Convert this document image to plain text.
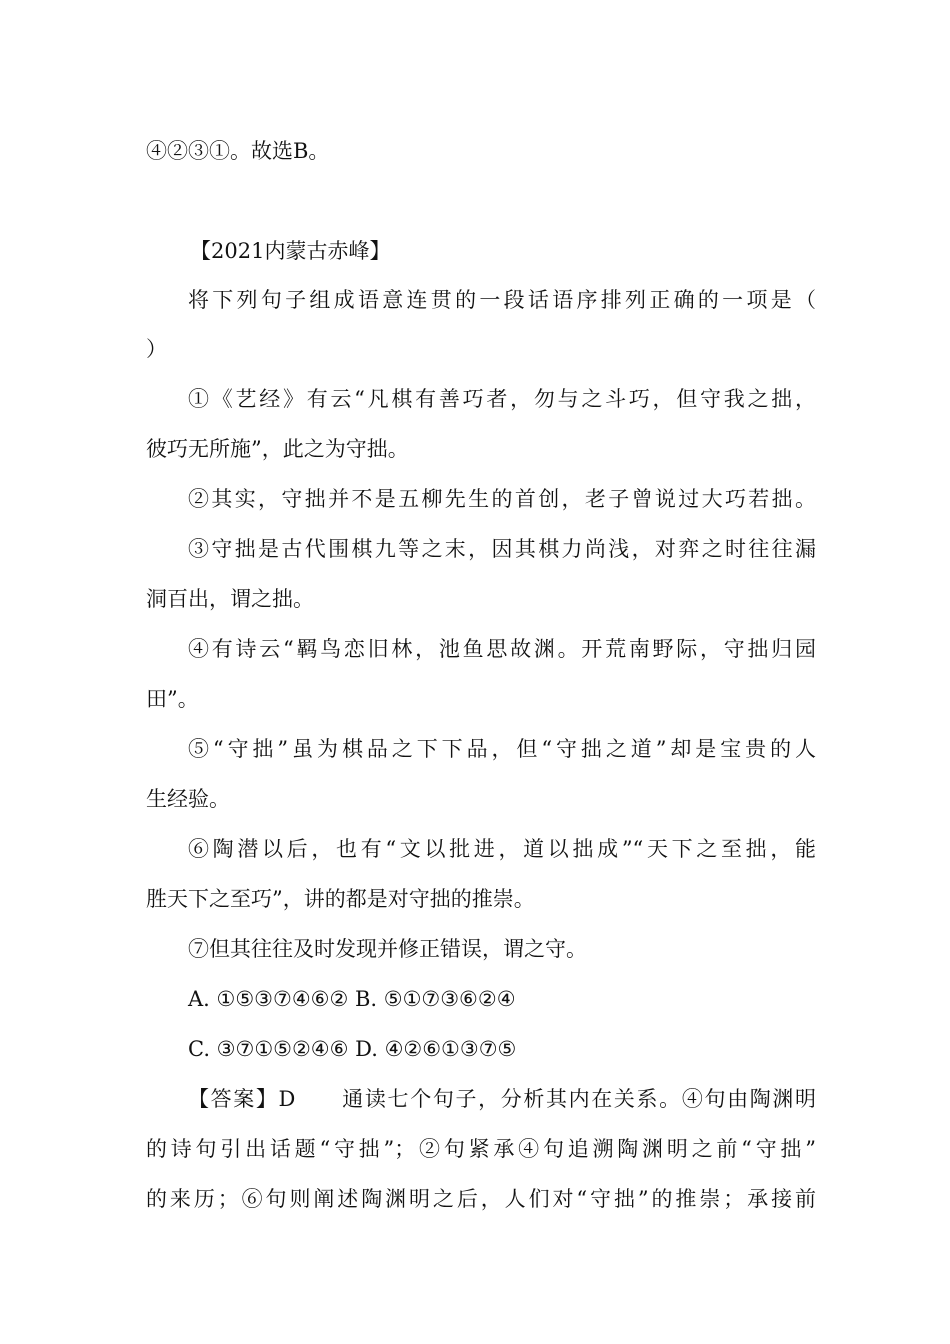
④②③①。故选B。
【2021内蒙古赤峰】
将下列句子组成语意连贯的一段话语序排列正确的一项是（
）
①《艺经》有云“凡棋有善巧者，勿与之斗巧，但守我之拙，
彼巧无所施”，此之为守拙。
②其实，守拙并不是五柳先生的首创，老子曾说过大巧若拙。
③守拙是古代围棋九等之末，因其棋力尚浅，对弈之时往往漏
洞百出，谓之拙。
④有诗云“羁鸟恋旧林，池鱼思故渊。开荒南野际，守拙归园
田”。
⑤“守拙”虽为棋品之下下品，但“守拙之道”却是宝贵的人
生经验。
⑥陶潜以后，也有“文以批进，道以拙成”“天下之至拙，能
胜天下之至巧”，讲的都是对守拙的推崇。
⑦但其往往及时发现并修正错误，谓之守。
A. ①⑤③⑦④⑥② B. ⑤①⑦③⑥②④
C. ③⑦①⑤②④⑥ D. ④②⑥①③⑦⑤
【答案】D　　通读七个句子，分析其内在关系。④句由陶渊明
的诗句引出话题“守拙”；②句紧承④句追溯陶渊明之前“守拙”
的来历；⑥句则阐述陶渊明之后，人们对“守拙”的推崇；承接前
